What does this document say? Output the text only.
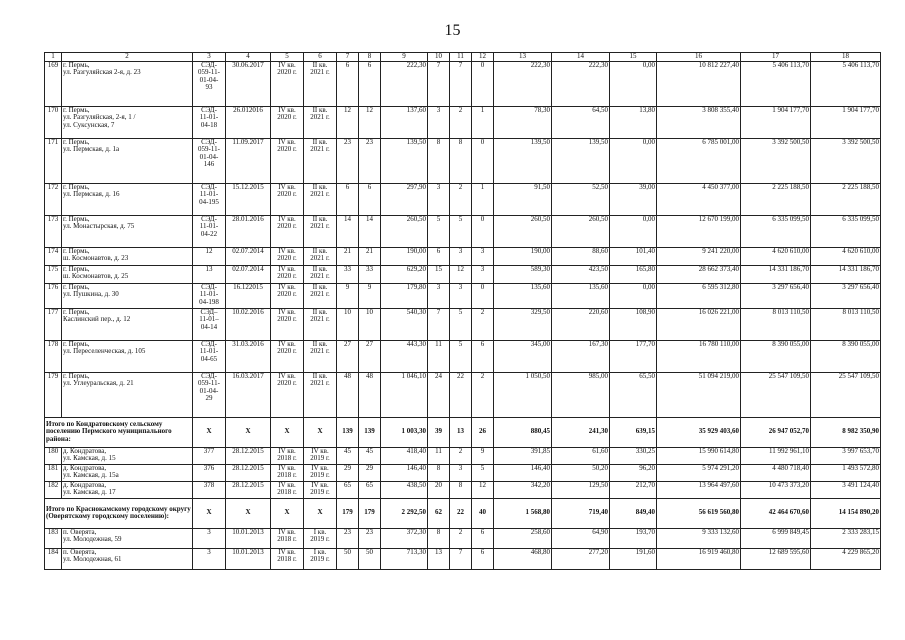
15
1	2	3	4	5	6	7	8	9	10	11	12	13	14	15	16	17	18
169	г. Пермь,
ул. Разгуляйская 2-я, д. 23	СЭД-
059-11-
01-04-
93	30.06.2017	IV кв.
2020 г.	II кв.
2021 г.	6	6	222,30	7	7	0	222,30	222,30	0,00	10 812 227,40	5 406 113,70	5 406 113,70
170	г. Пермь,
ул. Разгуляйская, 2-я, 1 /
ул. Суксунская, 7	СЭД-
11-01-
04-18	26.012016	IV кв.
2020 г.	II кв.
2021 г.	12	12	137,60	3	2	1	78,30	64,50	13,80	3 808 355,40	1 904 177,70	1 904 177,70
171	г. Пермь,
ул. Пермская, д. 1а	СЭД-
059-11-
01-04-
146	11.09.2017	IV кв.
2020 г.	II кв.
2021 г.	23	23	139,50	8	8	0	139,50	139,50	0,00	6 785 001,00	3 392 500,50	3 392 500,50
172	г. Пермь,
ул. Пермская, д. 16	СЭД-
11-01-
04-195	15.12.2015	IV кв.
2020 г.	II кв.
2021 г.	6	6	297,90	3	2	1	91,50	52,50	39,00	4 450 377,00	2 225 188,50	2 225 188,50
173	г. Пермь,
ул. Монастырская, д. 75	СЭД-
11-01-
04-22	28.01.2016	IV кв.
2020 г.	II кв.
2021 г.	14	14	260,50	5	5	0	260,50	260,50	0,00	12 670 199,00	6 335 099,50	6 335 099,50
174	г. Пермь,
ш. Космонавтов, д. 23	12	02.07.2014	IV кв.
2020 г.	II кв.
2021 г.	21	21	190,00	6	3	3	190,00	88,60	101,40	9 241 220,00	4 620 610,00	4 620 610,00
175	г. Пермь,
ш. Космонавтов, д. 25	13	02.07.2014	IV кв.
2020 г.	II кв.
2021 г.	33	33	629,20	15	12	3	589,30	423,50	165,80	28 662 373,40	14 331 186,70	14 331 186,70
176	г. Пермь,
ул. Пушкина, д. 30	СЭД-
11-01-
04-198	16.122015	IV кв.
2020 г.	II кв.
2021 г.	9	9	179,80	3	3	0	135,60	135,60	0,00	6 595 312,80	3 297 656,40	3 297 656,40
177	г. Пермь,
Каслинский пер., д. 12	СЭД–
11-01–
04-14	10.02.2016	IV кв.
2020 г.	II кв.
2021 г.	10	10	540,30	7	5	2	329,50	220,60	108,90	16 026 221,00	8 013 110,50	8 013 110,50
178	г. Пермь,
ул. Переселенческая, д. 105	СЭД-
11-01-
04-65	31.03.2016	IV кв.
2020 г.	II кв.
2021 г.	27	27	443,30	11	5	6	345,00	167,30	177,70	16 780 110,00	8 390 055,00	8 390 055,00
179	г. Пермь,
ул. Углеуральская, д. 21	СЭД-
059-11-
01-04-
29	16.03.2017	IV кв.
2020 г.	II кв.
2021 г.	48	48	1 046,10	24	22	2	1 050,50	985,00	65,50	51 094 219,00	25 547 109,50	25 547 109,50
Итого по Кондратовскому сельскому поселению Пермского муниципального района:		X	X	X	X	139	139	1 003,30	39	13	26	880,45	241,30	639,15	35 929 403,60	26 947 052,70	8 982 350,90
180	д. Кондратова,
ул. Камская, д. 15	377	28.12.2015	IV кв.
2018 г.	IV кв.
2019 г.	45	45	418,40	11	2	9	391,85	61,60	330,25	15 990 614,80	11 992 961,10	3 997 653,70
181	д. Кондратова,
ул. Камская, д. 15а	376	28.12.2015	IV кв.
2018 г.	IV кв.
2019 г.	29	29	146,40	8	3	5	146,40	50,20	96,20	5 974 291,20	4 480 718,40	1 493 572,80
182	д. Кондратова,
ул. Камская, д. 17	378	28.12.2015	IV кв.
2018 г.	IV кв.
2019 г.	65	65	438,50	20	8	12	342,20	129,50	212,70	13 964 497,60	10 473 373,20	3 491 124,40
Итого по Краснокамскому городскому округу (Оверятскому городскому поселению):		X	X	X	X	179	179	2 292,50	62	22	40	1 568,80	719,40	849,40	56 619 560,80	42 464 670,60	14 154 890,20
183	п. Оверята,
ул. Молодежная, 59	3	10.01.2013	IV кв.
2018 г.	I кв.
2019 г.	23	23	372,30	8	2	6	258,60	64,90	193,70	9 333 132,60	6 999 849,45	2 333 283,15
184	п. Оверята,
ул. Молодежная, 61	3	10.01.2013	IV кв.
2018 г.	I кв.
2019 г.	50	50	713,30	13	7	6	468,80	277,20	191,60	16 919 460,80	12 689 595,60	4 229 865,20
